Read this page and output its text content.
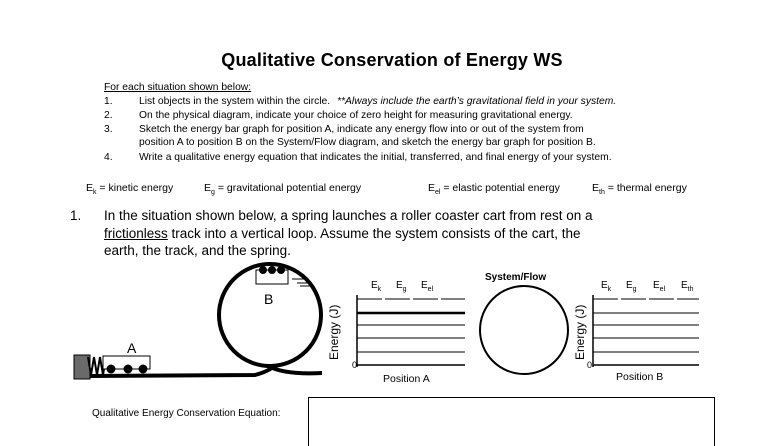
Qualitative Conservation of Energy WS
For each situation shown below:
1.	List objects in the system within the circle. **Always include the earth’s gravitational field in your system.
2.	On the physical diagram, indicate your choice of zero height for measuring gravitational energy.
3.	Sketch the energy bar graph for position A, indicate any energy flow into or out of the system from
position A to position B on the System/Flow diagram, and sketch the energy bar graph for position B.
4.	Write a qualitative energy equation that indicates the initial, transferred, and final energy of your system.
$E_k$ = kinetic energy	$E_g$ = gravitational potential energy	$E_{el}$ = elastic potential energy	$E_{th}$ = thermal energy
1. In the situation shown below, a spring launches a roller coaster cart from rest on a
frictionless track into a vertical loop. Assume the system consists of the cart, the
earth, the track, and the spring.
A
B
$E_k$ $E_g$ $E_{el}$
Energy (J)
0
Position A
System/Flow
$E_k$ $E_g$ $E_{el}$ $E_{th}$
Energy (J)
0
Position B
Qualitative Energy Conservation Equation:
